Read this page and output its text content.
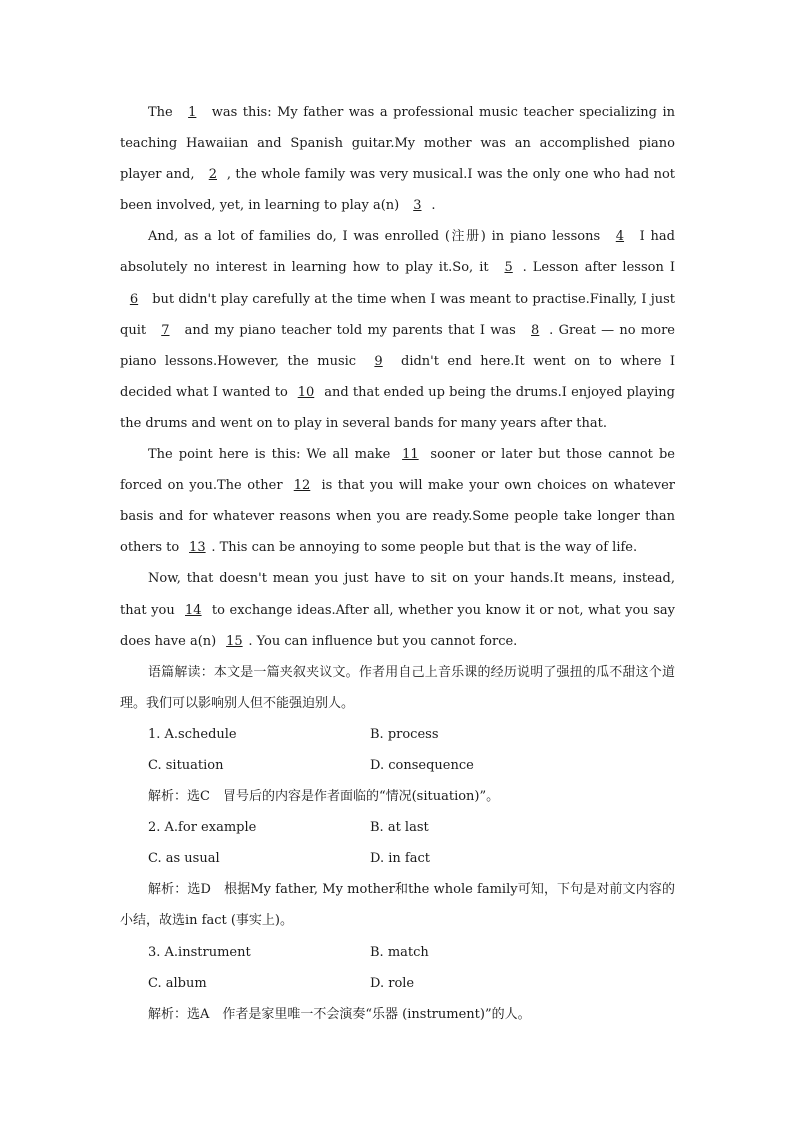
The 1 was this: My father was a professional music teacher specializing in teaching Hawaiian and Spanish guitar.My mother was an accomplished piano player and, 2 , the whole family was very musical.I was the only one who had not been involved, yet, in learning to play a(n) 3 .

And, as a lot of families do, I was enrolled (注册) in piano lessons 4 I had absolutely no interest in learning how to play it.So, it 5 . Lesson after lesson I 6 but didn't play carefully at the time when I was meant to practise.Finally, I just quit 7 and my piano teacher told my parents that I was 8 . Great — no more piano lessons.However, the music 9 didn't end here.It went on to where I decided what I wanted to 10 and that ended up being the drums.I enjoyed playing the drums and went on to play in several bands for many years after that.

The point here is this: We all make 11 sooner or later but those cannot be forced on you.The other 12 is that you will make your own choices on whatever basis and for whatever reasons when you are ready.Some people take longer than others to 13 . This can be annoying to some people but that is the way of life.

Now, that doesn't mean you just have to sit on your hands.It means, instead, that you 14 to exchange ideas.After all, whether you know it or not, what you say does have a(n) 15 . You can influence but you cannot force.

语篇解读：本文是一篇夹叙夹议文。作者用自己上音乐课的经历说明了强扭的瓜不甜这个道理。我们可以影响别人但不能强迫别人。

1. A.schedule	B. process
C. situation	D. consequence

解析：选C　冒号后的内容是作者面临的“情况(situation)”。

2. A.for example	B. at last
C. as usual	D. in fact

解析：选D　根据My father, My mother和the whole family可知，下句是对前文内容的小结，故选in fact (事实上)。

3. A.instrument	B. match
C. album	D. role

解析：选A　作者是家里唯一不会演奏“乐器 (instrument)”的人。
